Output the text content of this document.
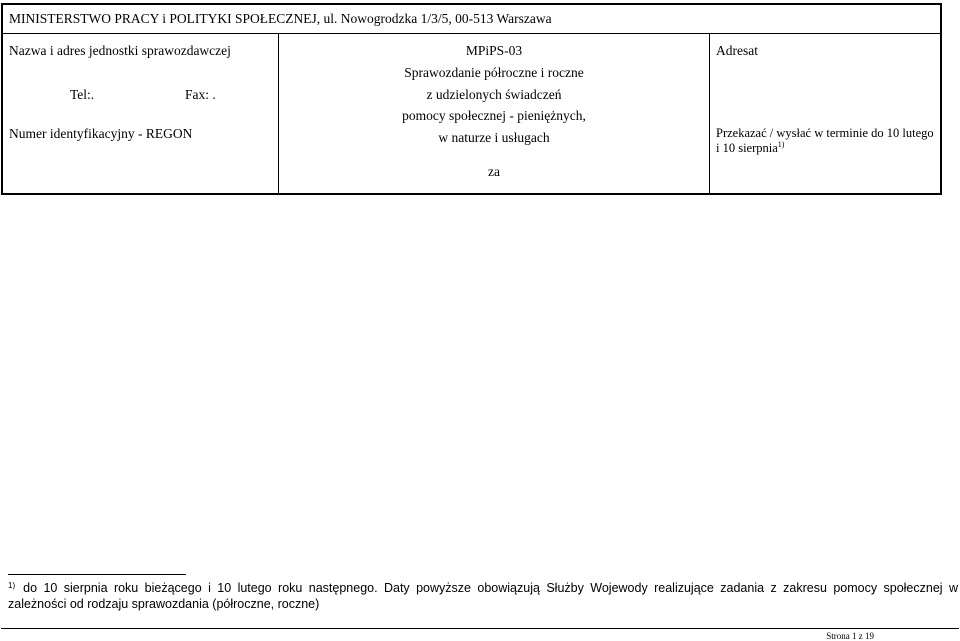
MINISTERSTWO PRACY i POLITYKI SPOŁECZNEJ, ul. Nowogrodzka 1/3/5, 00-513 Warszawa
Nazwa i adres jednostki sprawozdawczej
Tel:.	Fax: .
Numer identyfikacyjny - REGON
MPiPS-03
Sprawozdanie półroczne i roczne
z udzielonych świadczeń
pomocy społecznej - pieniężnych,
w naturze i usługach
za
Adresat
Przekazać / wysłać w terminie do 10 lutego
i 10 sierpnia$^{1)}$
$^{1)}$ do 10 sierpnia roku bieżącego i 10 lutego roku następnego. Daty powyższe obowiązują Służby Wojewody realizujące zadania z zakresu pomocy społecznej w zależności od rodzaju sprawozdania (półroczne, roczne)
Strona 1 z 19
